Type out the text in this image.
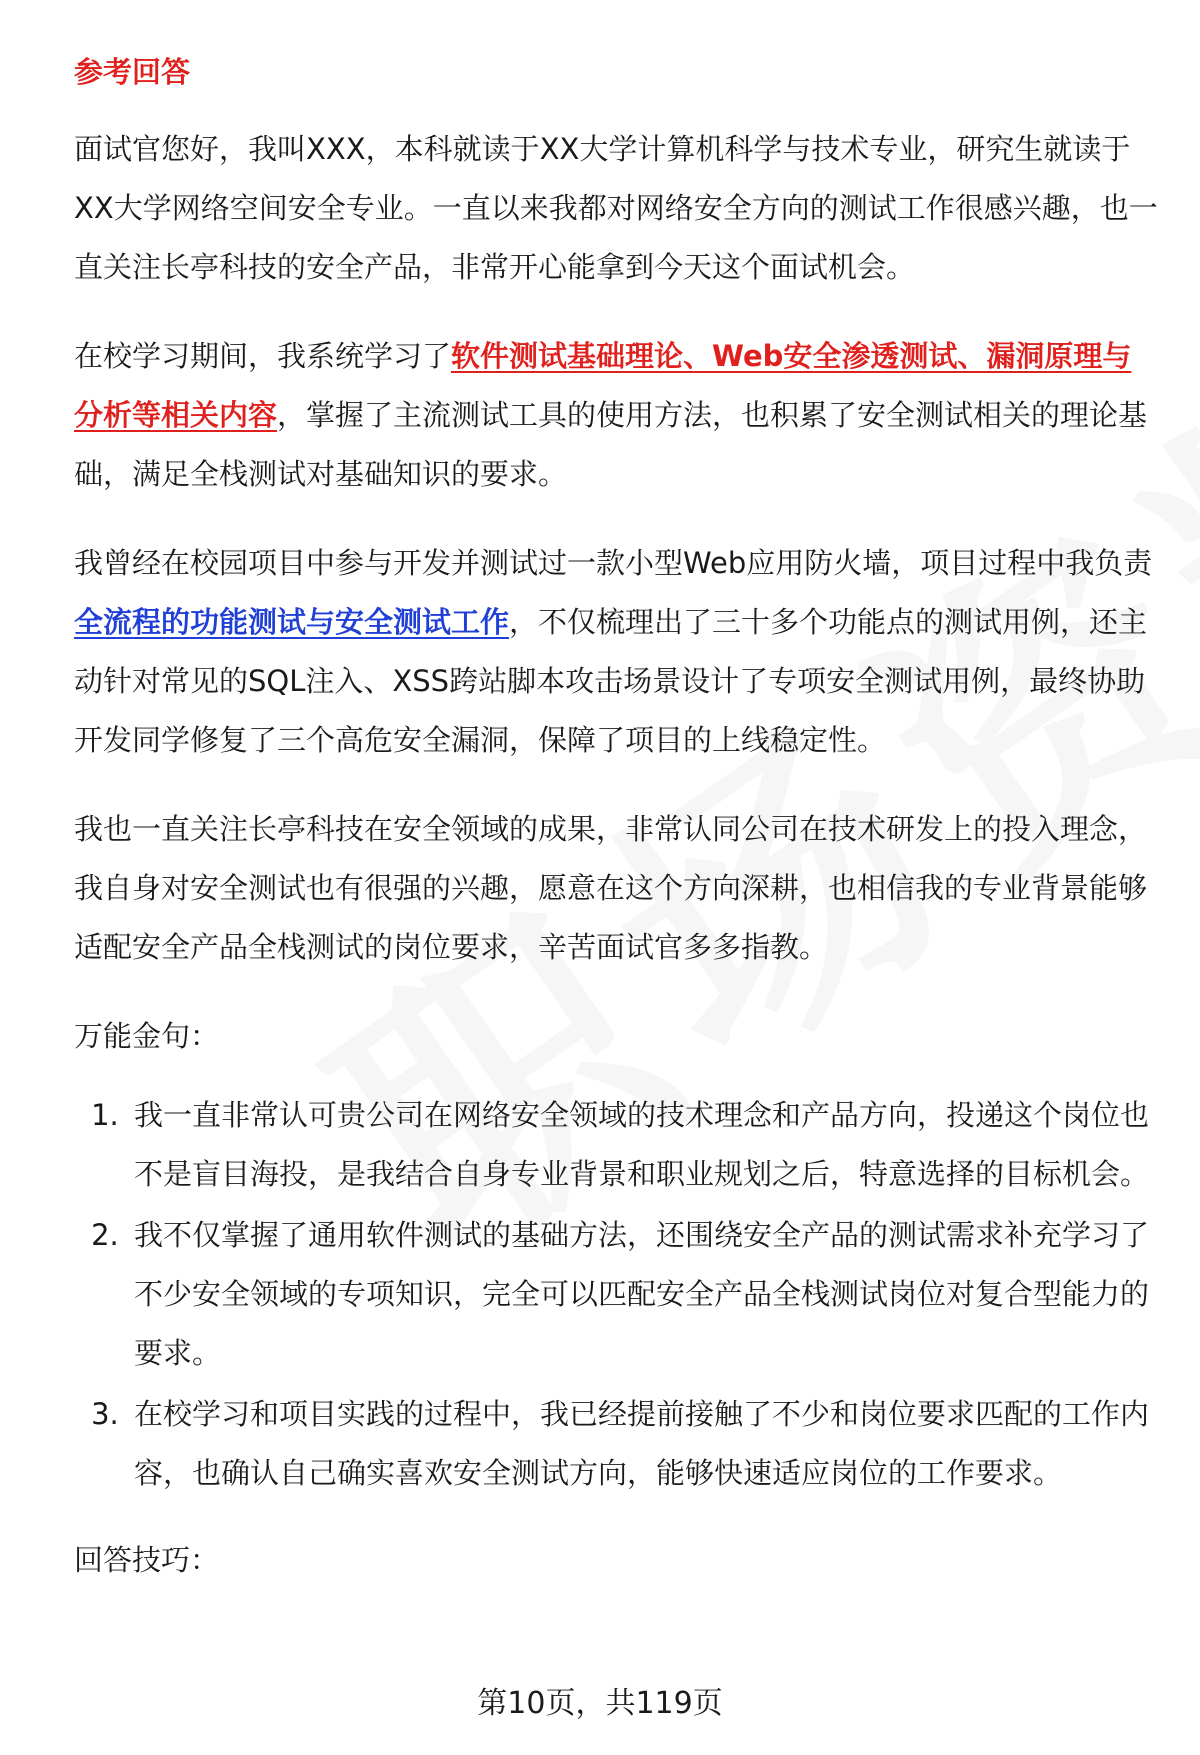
参考回答

面试官您好，我叫XXX，本科就读于XX大学计算机科学与技术专业，研究生就读于XX大学网络空间安全专业。一直以来我都对网络安全方向的测试工作很感兴趣，也一直关注长亭科技的安全产品，非常开心能拿到今天这个面试机会。

在校学习期间，我系统学习了软件测试基础理论、Web安全渗透测试、漏洞原理与分析等相关内容，掌握了主流测试工具的使用方法，也积累了安全测试相关的理论基础，满足全栈测试对基础知识的要求。

我曾经在校园项目中参与开发并测试过一款小型Web应用防火墙，项目过程中我负责全流程的功能测试与安全测试工作，不仅梳理出了三十多个功能点的测试用例，还主动针对常见的SQL注入、XSS跨站脚本攻击场景设计了专项安全测试用例，最终协助开发同学修复了三个高危安全漏洞，保障了项目的上线稳定性。

我也一直关注长亭科技在安全领域的成果，非常认同公司在技术研发上的投入理念，我自身对安全测试也有很强的兴趣，愿意在这个方向深耕，也相信我的专业背景能够适配安全产品全栈测试的岗位要求，辛苦面试官多多指教。

万能金句：
1. 我一直非常认可贵公司在网络安全领域的技术理念和产品方向，投递这个岗位也不是盲目海投，是我结合自身专业背景和职业规划之后，特意选择的目标机会。
2. 我不仅掌握了通用软件测试的基础方法，还围绕安全产品的测试需求补充学习了不少安全领域的专项知识，完全可以匹配安全产品全栈测试岗位对复合型能力的要求。
3. 在校学习和项目实践的过程中，我已经提前接触了不少和岗位要求匹配的工作内容，也确认自己确实喜欢安全测试方向，能够快速适应岗位的工作要求。
回答技巧：
第10页，共119页
